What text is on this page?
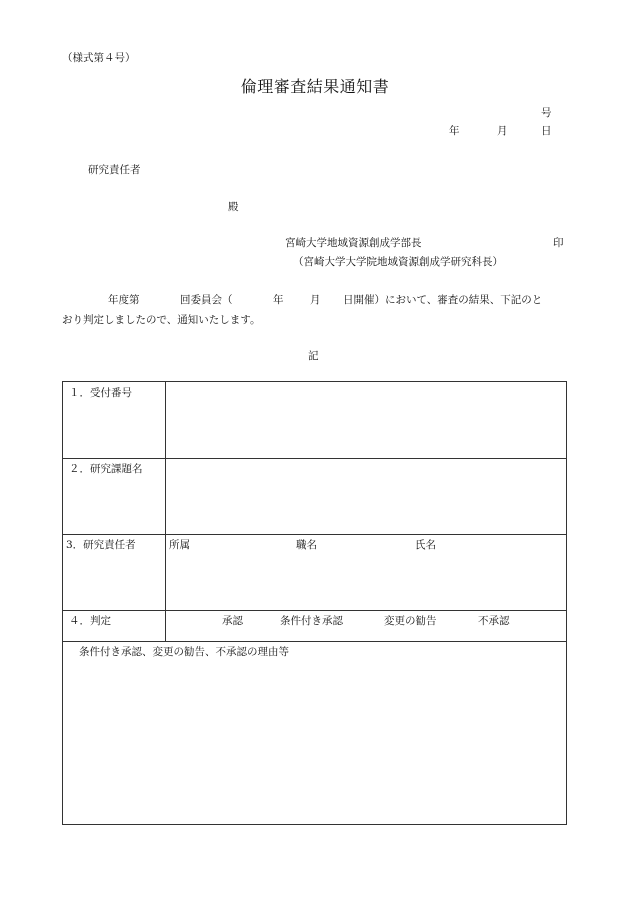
（様式第４号）
倫理審査結果通知書
号
年	月	日
研究責任者
殿
宮崎大学地域資源創成学部長	印
（宮崎大学大学院地域資源創成学研究科長）
年度第	回委員会（	年	月 日開催）において、審査の結果、下記のと
おり判定しましたので、通知いたします。
記
１．受付番号
２．研究課題名
3．研究責任者	所属	職名	氏名
４．判定	承認	条件付き承認	変更の勧告	不承認
条件付き承認、変更の勧告、不承認の理由等
